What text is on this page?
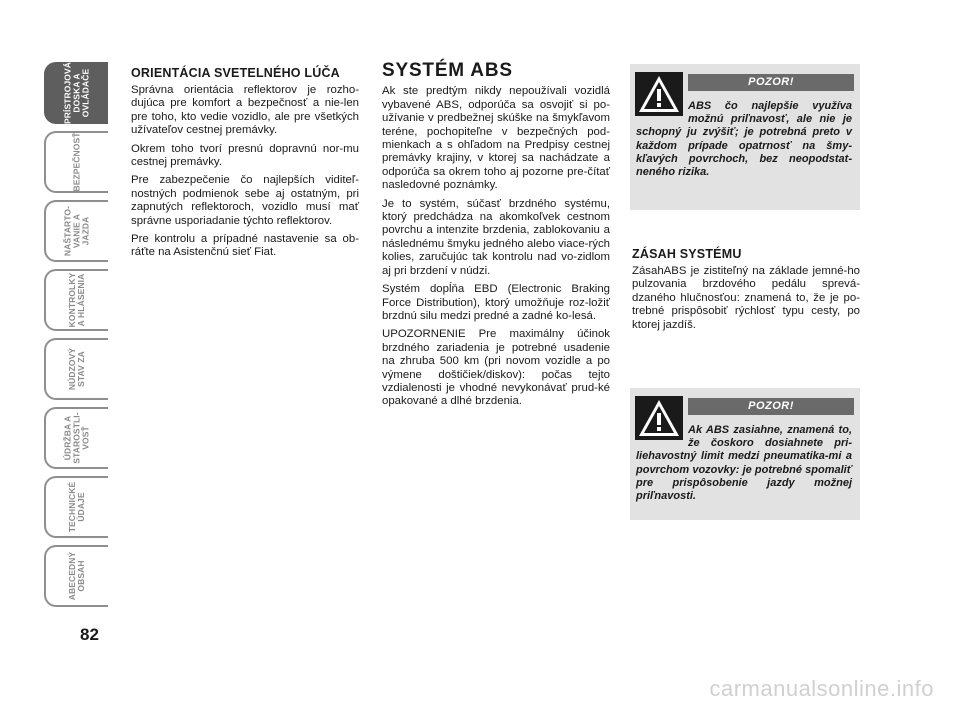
PRÍSTROJOVÁ
DOSKA A
OVLÁDAČE
BEZPEČNOSŤ
NAŠTARTO-
VANIE A
JAZDA
KONTROLKY
A HLÁSENIA
NÚDZOVÝ
STAV ZA
ÚDRŽBA A
STAROSTLI-
VOSŤ
TECHNICKÉ
ÚDAJE
ABECEDNÝ
OBSAH
82
ORIENTÁCIA SVETELNÉHO LÚČA

Správna orientácia reflektorov je rozho-dujúca pre komfort a bezpečnosť a nie-len pre toho, kto vedie vozidlo, ale pre všetkých užívateľov cestnej premávky.

Okrem toho tvorí presnú dopravnú nor-mu cestnej premávky.

Pre zabezpečenie čo najlepších viditeľ-nostných podmienok sebe aj ostatným, pri zapnutých reflektoroch, vozidlo musí mať správne usporiadanie týchto reflektorov.

Pre kontrolu a prípadné nastavenie sa ob-ráťte na Asistenčnú sieť Fiat.

SYSTÉM ABS

Ak ste predtým nikdy nepoužívali vozidlá vybavené ABS, odporúča sa osvojiť si po-užívanie v predbežnej skúške na šmykľavom teréne, pochopiteľne v bezpečných pod-mienkach a s ohľadom na Predpisy cestnej premávky krajiny, v ktorej sa nachádzate a odporúča sa okrem toho aj pozorne pre-čítať nasledovné poznámky.

Je to systém, súčasť brzdného systému, ktorý predchádza na akomkoľvek cestnom povrchu a intenzite brzdenia, zablokovaniu a následnému šmyku jedného alebo viace-rých kolies, zaručujúc tak kontrolu nad vo-zidlom aj pri brzdení v núdzi.

Systém dopĺňa EBD (Electronic Braking Force Distribution), ktorý umožňuje roz-ložiť brzdnú silu medzi predné a zadné ko-lesá.

UPOZORNENIE Pre maximálny účinok brzdného zariadenia je potrebné usadenie na zhruba 500 km (pri novom vozidle a po výmene doštičiek/diskov): počas tejto vzdialenosti je vhodné nevykonávať prud-ké opakované a dlhé brzdenia.

POZOR!
ABS čo najlepšie využíva možnú priľnavosť, ale nie je schopný ju zvýšiť; je potrebná preto v každom prípade opatrnosť na šmy-kľavých povrchoch, bez neopodstat-neného rizika.
ZÁSAH SYSTÉMU

ZásahABS je zistiteľný na základe jemné-ho pulzovania brzdového pedálu sprevá-dzaného hlučnosťou: znamená to, že je po-trebné prispôsobiť rýchlosť typu cesty, po ktorej jazdíš.

POZOR!
Ak ABS zasiahne, znamená to, že čoskoro dosiahnete pri-liehavostný limit medzi pneumatika-mi a povrchom vozovky: je potrebné spomaliť pre prispôsobenie jazdy možnej priľnavosti.
carmanualsonline.info
